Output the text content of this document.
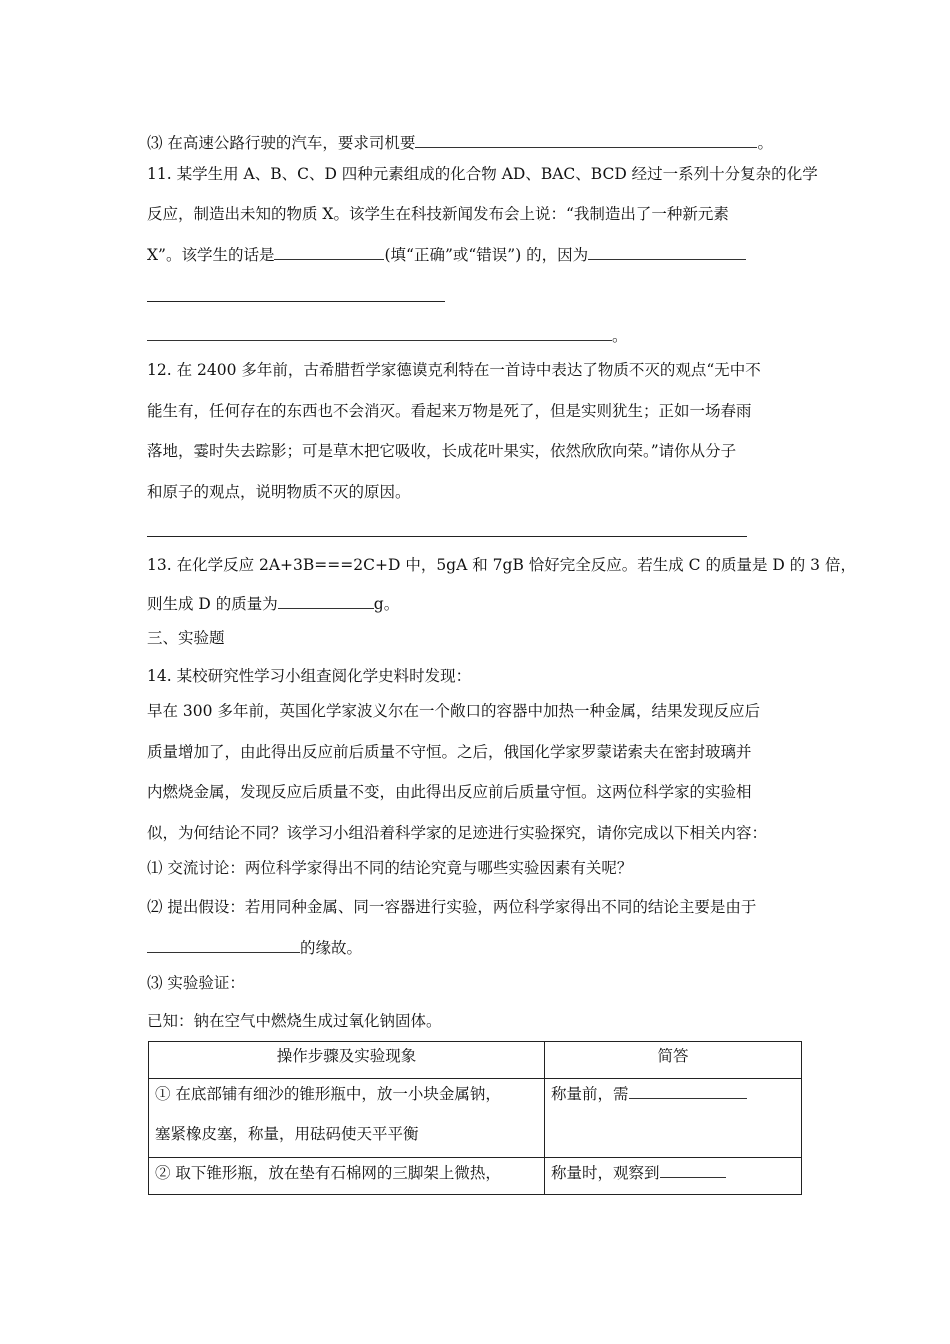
⑶ 在高速公路行驶的汽车，要求司机要	。
11. 某学生用 A、B、C、D 四种元素组成的化合物 AD、BAC、BCD 经过一系列十分复杂的化学
反应，制造出未知的物质 X。该学生在科技新闻发布会上说：“我制造出了一种新元素
X”。该学生的话是	(填“正确”或“错误”) 的，因为
。
12. 在 2400 多年前，古希腊哲学家德谟克利特在一首诗中表达了物质不灭的观点“无中不
能生有，任何存在的东西也不会消灭。看起来万物是死了，但是实则犹生；正如一场春雨
落地，霎时失去踪影；可是草木把它吸收，长成花叶果实，依然欣欣向荣。”请你从分子
和原子的观点，说明物质不灭的原因。
13. 在化学反应 2A+3B===2C+D 中，5gA 和 7gB 恰好完全反应。若生成 C 的质量是 D 的 3 倍，
则生成 D 的质量为	g。
三、实验题
14. 某校研究性学习小组查阅化学史料时发现：
早在 300 多年前，英国化学家波义尔在一个敞口的容器中加热一种金属，结果发现反应后
质量增加了，由此得出反应前后质量不守恒。之后，俄国化学家罗蒙诺索夫在密封玻璃并
内燃烧金属，发现反应后质量不变，由此得出反应前后质量守恒。这两位科学家的实验相
似，为何结论不同？该学习小组沿着科学家的足迹进行实验探究，请你完成以下相关内容：
⑴ 交流讨论：两位科学家得出不同的结论究竟与哪些实验因素有关呢？
⑵ 提出假设：若用同种金属、同一容器进行实验，两位科学家得出不同的结论主要是由于
的缘故。
⑶ 实验验证：
已知：钠在空气中燃烧生成过氧化钠固体。
操作步骤及实验现象	简答

① 在底部铺有细沙的锥形瓶中，放一小块金属钠，
塞紧橡皮塞，称量，用砝码使天平平衡	称量前，需

② 取下锥形瓶，放在垫有石棉网的三脚架上微热，	称量时，观察到
